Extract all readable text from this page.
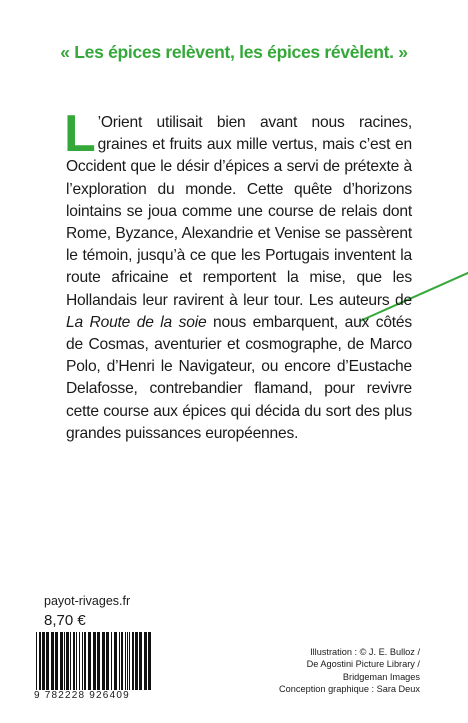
« Les épices relèvent, les épices révèlent. »
L ’Orient utilisait bien avant nous racines, graines et fruits aux mille vertus, mais c’est en Occident que le désir d’épices a servi de prétexte à l’exploration du monde. Cette quête d’horizons lointains se joua comme une course de relais dont Rome, Byzance, Alexandrie et Venise se passèrent le témoin, jusqu’à ce que les Portugais inventent la route africaine et remportent la mise, que les Hollandais leur ravirent à leur tour. Les auteurs de La Route de la soie nous embarquent, aux côtés de Cosmas, aventurier et cosmographe, de Marco Polo, d’Henri le Navigateur, ou encore d’Eustache Delafosse, contrebandier flamand, pour revivre cette course aux épices qui décida du sort des plus grandes puissances européennes.
payot-rivages.fr
8,70 €
9 782228 926409
Illustration : © J. E. Bulloz /
De Agostini Picture Library /
Bridgeman Images
Conception graphique : Sara Deux
